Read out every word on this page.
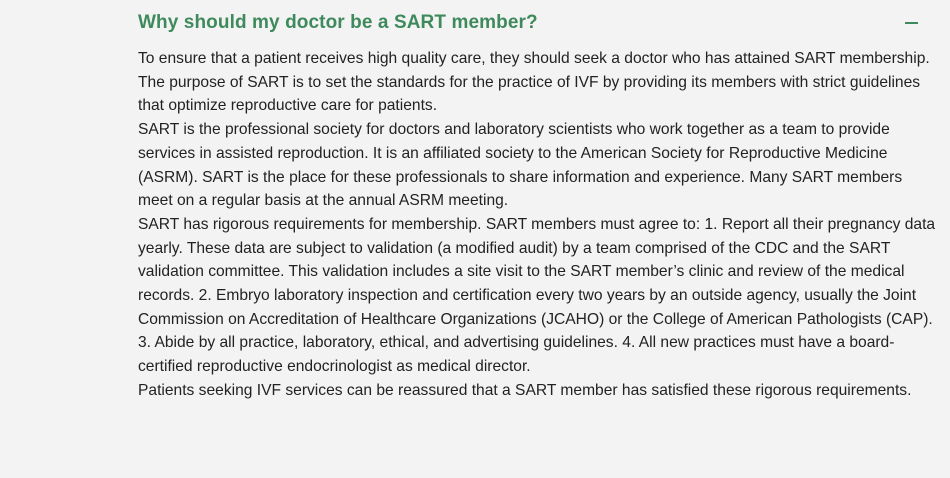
Why should my doctor be a SART member?

To ensure that a patient receives high quality care, they should seek a doctor who has attained SART membership. The purpose of SART is to set the standards for the practice of IVF by providing its members with strict guidelines that optimize reproductive care for patients.

SART is the professional society for doctors and laboratory scientists who work together as a team to provide services in assisted reproduction. It is an affiliated society to the American Society for Reproductive Medicine (ASRM). SART is the place for these professionals to share information and experience. Many SART members meet on a regular basis at the annual ASRM meeting.

SART has rigorous requirements for membership. SART members must agree to: 1. Report all their pregnancy data yearly. These data are subject to validation (a modified audit) by a team comprised of the CDC and the SART validation committee. This validation includes a site visit to the SART member’s clinic and review of the medical records. 2. Embryo laboratory inspection and certification every two years by an outside agency, usually the Joint Commission on Accreditation of Healthcare Organizations (JCAHO) or the College of American Pathologists (CAP). 3. Abide by all practice, laboratory, ethical, and advertising guidelines. 4. All new practices must have a board-certified reproductive endocrinologist as medical director.

Patients seeking IVF services can be reassured that a SART member has satisfied these rigorous requirements.
